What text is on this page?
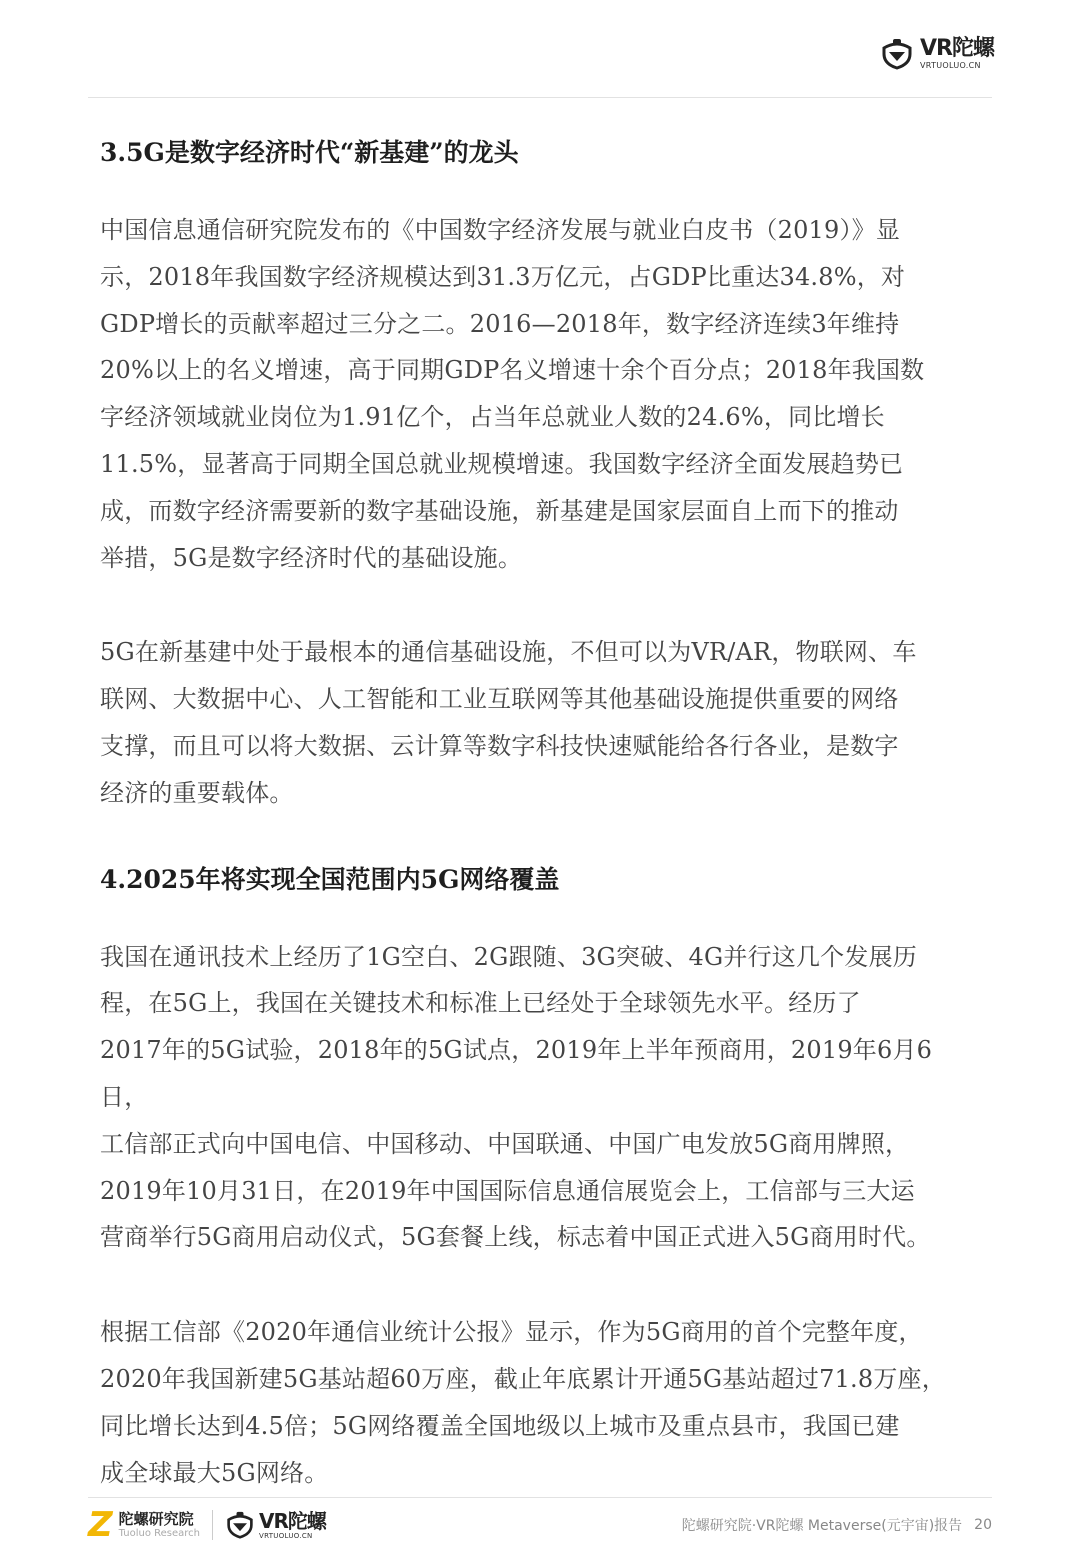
VR陀螺
VRTUOLUO.CN
3.5G是数字经济时代“新基建”的龙头

中国信息通信研究院发布的《中国数字经济发展与就业白皮书（2019）》显
示，2018年我国数字经济规模达到31.3万亿元，占GDP比重达34.8%，对
GDP增长的贡献率超过三分之二。2016—2018年，数字经济连续3年维持
20%以上的名义增速，高于同期GDP名义增速十余个百分点；2018年我国数
字经济领域就业岗位为1.91亿个，占当年总就业人数的24.6%，同比增长
11.5%，显著高于同期全国总就业规模增速。我国数字经济全面发展趋势已
成，而数字经济需要新的数字基础设施，新基建是国家层面自上而下的推动
举措，5G是数字经济时代的基础设施。

5G在新基建中处于最根本的通信基础设施，不但可以为VR/AR，物联网、车
联网、大数据中心、人工智能和工业互联网等其他基础设施提供重要的网络
支撑，而且可以将大数据、云计算等数字科技快速赋能给各行各业，是数字
经济的重要载体。

4.2025年将实现全国范围内5G网络覆盖

我国在通讯技术上经历了1G空白、2G跟随、3G突破、4G并行这几个发展历
程，在5G上，我国在关键技术和标准上已经处于全球领先水平。经历了
2017年的5G试验，2018年的5G试点，2019年上半年预商用，2019年6月6日，
工信部正式向中国电信、中国移动、中国联通、中国广电发放5G商用牌照，
2019年10月31日，在2019年中国国际信息通信展览会上，工信部与三大运
营商举行5G商用启动仪式，5G套餐上线，标志着中国正式进入5G商用时代。

根据工信部《2020年通信业统计公报》显示，作为5G商用的首个完整年度，
2020年我国新建5G基站超60万座，截止年底累计开通5G基站超过71.8万座，
同比增长达到4.5倍；5G网络覆盖全国地级以上城市及重点县市，我国已建
成全球最大5G网络。

Z 陀螺研究院
Tuoluo Research
VR陀螺
VRTUOLUO.CN
陀螺研究院·VR陀螺 Metaverse(元宇宙)报告 20
